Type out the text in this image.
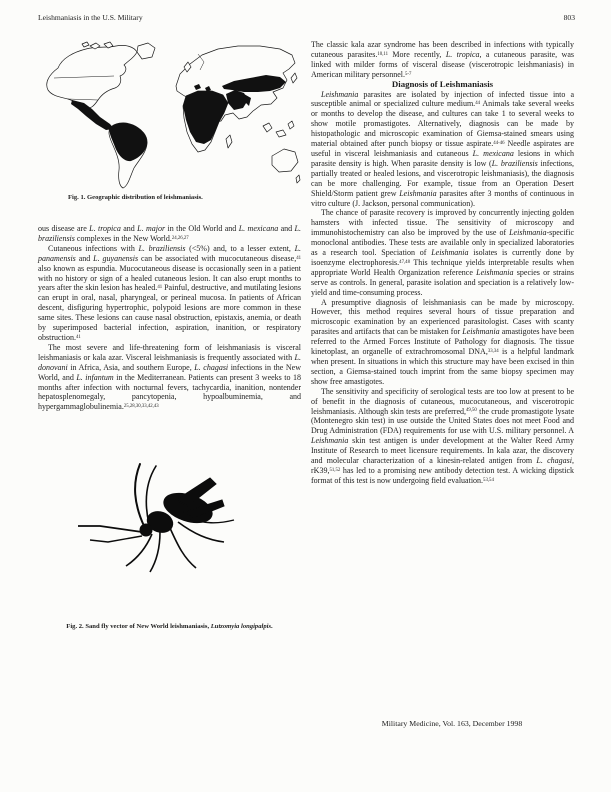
Leishmaniasis in the U.S. Military	803
Fig. 1. Geographic distribution of leishmaniasis.

ous disease are L. tropica and L. major in the Old World and L. mexicana and L. braziliensis complexes in the New World.$^{24,26,27}$

Cutaneous infections with L. braziliensis (<5%) and, to a lesser extent, L. panamensis and L. guyanensis can be associated with mucocutaneous disease,$^{41}$ also known as espundia. Mucocutaneous disease is occasionally seen in a patient with no history or sign of a healed cutaneous lesion. It can also erupt months to years after the skin lesion has healed.$^{41}$ Painful, destructive, and mutilating lesions can erupt in oral, nasal, pharyngeal, or perineal mucosa. In patients of African descent, disfiguring hypertrophic, polypoid lesions are more common in these same sites. These lesions can cause nasal obstruction, epistaxis, anemia, or death by superimposed bacterial infection, aspiration, inanition, or respiratory obstruction.$^{41}$

The most severe and life-threatening form of leishmaniasis is visceral leishmaniasis or kala azar. Visceral leishmaniasis is frequently associated with L. donovani in Africa, Asia, and southern Europe, L. chagasi infections in the New World, and L. infantum in the Mediterranean. Patients can present 3 weeks to 18 months after infection with nocturnal fevers, tachycardia, inanition, nontender hepatosplenomegaly, pancytopenia, hypoalbuminemia, and hypergammaglobulinemia.$^{25,28,30,33,42,43}$

Fig. 2. Sand fly vector of New World leishmaniasis, Lutzomyia longipalpis.

The classic kala azar syndrome has been described in infections with typically cutaneous parasites.$^{10,11}$ More recently, L. tropica, a cutaneous parasite, was linked with milder forms of visceral disease (viscerotropic leishmaniasis) in American military personnel.$^{5-7}$

Diagnosis of Leishmaniasis

Leishmania parasites are isolated by injection of infected tissue into a susceptible animal or specialized culture medium.$^{44}$ Animals take several weeks or months to develop the disease, and cultures can take 1 to several weeks to show motile promastigotes. Alternatively, diagnosis can be made by histopathologic and microscopic examination of Giemsa-stained smears using material obtained after punch biopsy or tissue aspirate.$^{44-46}$ Needle aspirates are useful in visceral leishmaniasis and cutaneous L. mexicana lesions in which parasite density is high. When parasite density is low (L. braziliensis infections, partially treated or healed lesions, and viscerotropic leishmaniasis), the diagnosis can be more challenging. For example, tissue from an Operation Desert Shield/Storm patient grew Leishmania parasites after 3 months of continuous in vitro culture (J. Jackson, personal communication).

The chance of parasite recovery is improved by concurrently injecting golden hamsters with infected tissue. The sensitivity of microscopy and immunohistochemistry can also be improved by the use of Leishmania-specific monoclonal antibodies. These tests are available only in specialized laboratories as a research tool. Speciation of Leishmania isolates is currently done by isoenzyme electrophoresis.$^{47,48}$ This technique yields interpretable results when appropriate World Health Organization reference Leishmania species or strains serve as controls. In general, parasite isolation and speciation is a relatively low-yield and time-consuming process.

A presumptive diagnosis of leishmaniasis can be made by microscopy. However, this method requires several hours of tissue preparation and microscopic examination by an experienced parasitologist. Cases with scanty parasites and artifacts that can be mistaken for Leishmania amastigotes have been referred to the Armed Forces Institute of Pathology for diagnosis. The tissue kinetoplast, an organelle of extrachromosomal DNA,$^{33,34}$ is a helpful landmark when present. In situations in which this structure may have been excised in thin section, a Giemsa-stained touch imprint from the same biopsy specimen may show free amastigotes.

The sensitivity and specificity of serological tests are too low at present to be of benefit in the diagnosis of cutaneous, mucocutaneous, and viscerotropic leishmaniasis. Although skin tests are preferred,$^{49,50}$ the crude promastigote lysate (Montenegro skin test) in use outside the United States does not meet Food and Drug Administration (FDA) requirements for use with U.S. military personnel. A Leishmania skin test antigen is under development at the Walter Reed Army Institute of Research to meet licensure requirements. In kala azar, the discovery and molecular characterization of a kinesin-related antigen from L. chagasi, rK39,$^{51,52}$ has led to a promising new antibody detection test. A wicking dipstick format of this test is now undergoing field evaluation.$^{53,54}$

Military Medicine, Vol. 163, December 1998
